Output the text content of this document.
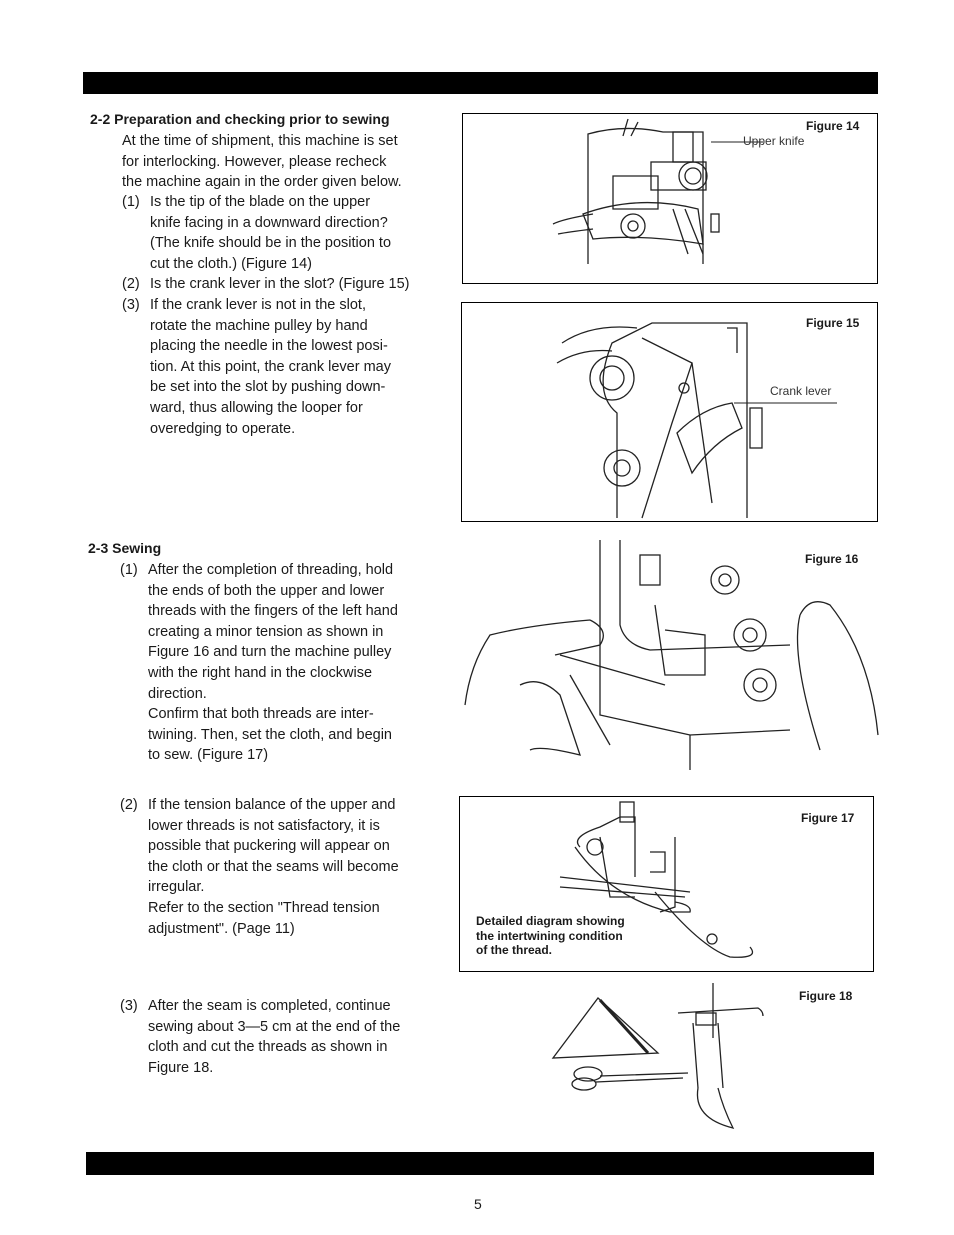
2-2 Preparation and checking prior to sewing
At the time of shipment, this machine is set
for interlocking. However, please recheck
the machine again in the order given below.
(1) Is the tip of the blade on the upper
knife facing in a downward direction?
(The knife should be in the position to
cut the cloth.) (Figure 14)
(2) Is the crank lever in the slot? (Figure 15)
(3) If the crank lever is not in the slot,
rotate the machine pulley by hand
placing the needle in the lowest posi-
tion. At this point, the crank lever may
be set into the slot by pushing down-
ward, thus allowing the looper for
overedging to operate.
2-3 Sewing
(1) After the completion of threading, hold
the ends of both the upper and lower
threads with the fingers of the left hand
creating a minor tension as shown in
Figure 16 and turn the machine pulley
with the right hand in the clockwise
direction.
Confirm that both threads are inter-
twining. Then, set the cloth, and begin
to sew. (Figure 17)
(2) If the tension balance of the upper and
lower threads is not satisfactory, it is
possible that puckering will appear on
the cloth or that the seams will become
irregular.
Refer to the section "Thread tension
adjustment". (Page 11)
(3) After the seam is completed, continue
sewing about 3—5 cm at the end of the
cloth and cut the threads as shown in
Figure 18.
Figure 14
Upper knife
Figure 15
Crank lever
Figure 16
Figure 17
Detailed diagram showing
the intertwining condition
of the thread.
Figure 18
5
